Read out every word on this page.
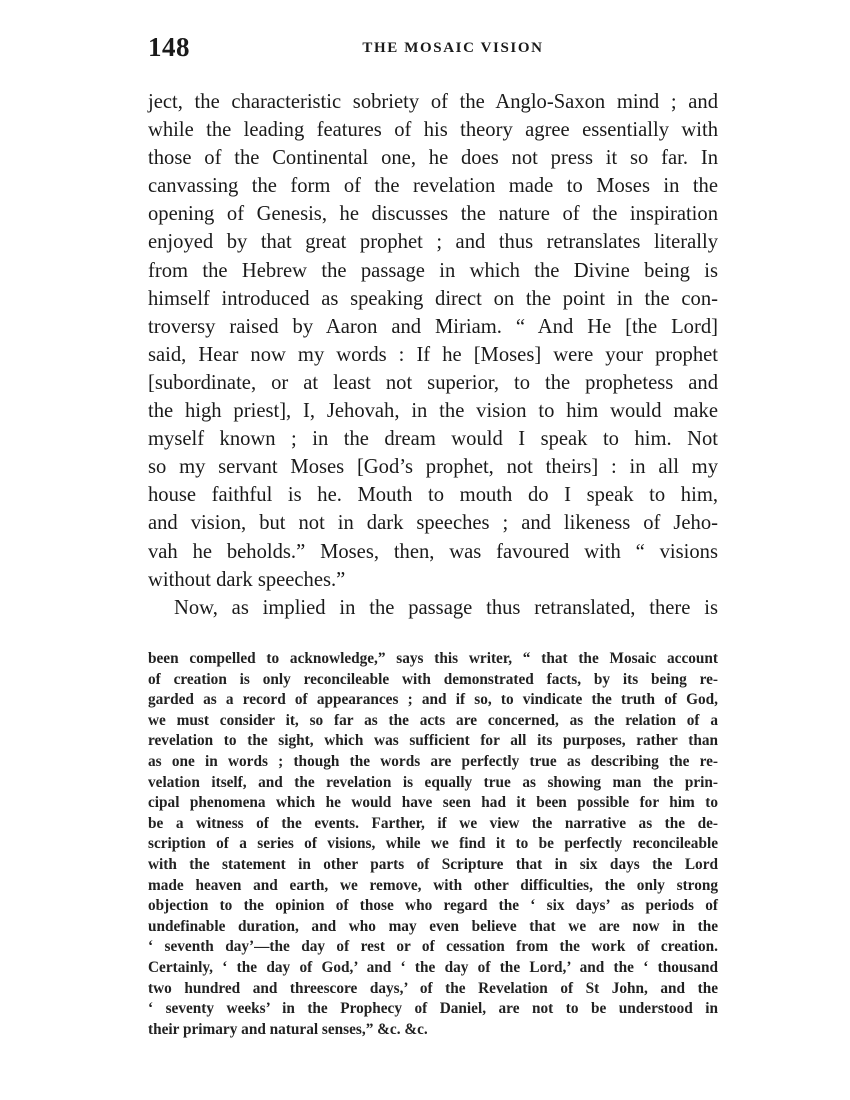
148	THE MOSAIC VISION
ject, the characteristic sobriety of the Anglo-Saxon mind ; and
while the leading features of his theory agree essentially with
those of the Continental one, he does not press it so far. In
canvassing the form of the revelation made to Moses in the
opening of Genesis, he discusses the nature of the inspiration
enjoyed by that great prophet ; and thus retranslates literally
from the Hebrew the passage in which the Divine being is
himself introduced as speaking direct on the point in the con-
troversy raised by Aaron and Miriam. “ And He [the Lord]
said, Hear now my words : If he [Moses] were your prophet
[subordinate, or at least not superior, to the prophetess and
the high priest], I, Jehovah, in the vision to him would make
myself known ; in the dream would I speak to him. Not
so my servant Moses [God’s prophet, not theirs] : in all my
house faithful is he. Mouth to mouth do I speak to him,
and vision, but not in dark speeches ; and likeness of Jeho-
vah he beholds.” Moses, then, was favoured with “ visions
without dark speeches.”
Now, as implied in the passage thus retranslated, there is
been compelled to acknowledge,” says this writer, “ that the Mosaic account
of creation is only reconcileable with demonstrated facts, by its being re-
garded as a record of appearances ; and if so, to vindicate the truth of God,
we must consider it, so far as the acts are concerned, as the relation of a
revelation to the sight, which was sufficient for all its purposes, rather than
as one in words ; though the words are perfectly true as describing the re-
velation itself, and the revelation is equally true as showing man the prin-
cipal phenomena which he would have seen had it been possible for him to
be a witness of the events. Farther, if we view the narrative as the de-
scription of a series of visions, while we find it to be perfectly reconcileable
with the statement in other parts of Scripture that in six days the Lord
made heaven and earth, we remove, with other difficulties, the only strong
objection to the opinion of those who regard the ‘ six days’ as periods of
undefinable duration, and who may even believe that we are now in the
‘ seventh day’—the day of rest or of cessation from the work of creation.
Certainly, ‘ the day of God,’ and ‘ the day of the Lord,’ and the ‘ thousand
two hundred and threescore days,’ of the Revelation of St John, and the
‘ seventy weeks’ in the Prophecy of Daniel, are not to be understood in
their primary and natural senses,” &c. &c.
